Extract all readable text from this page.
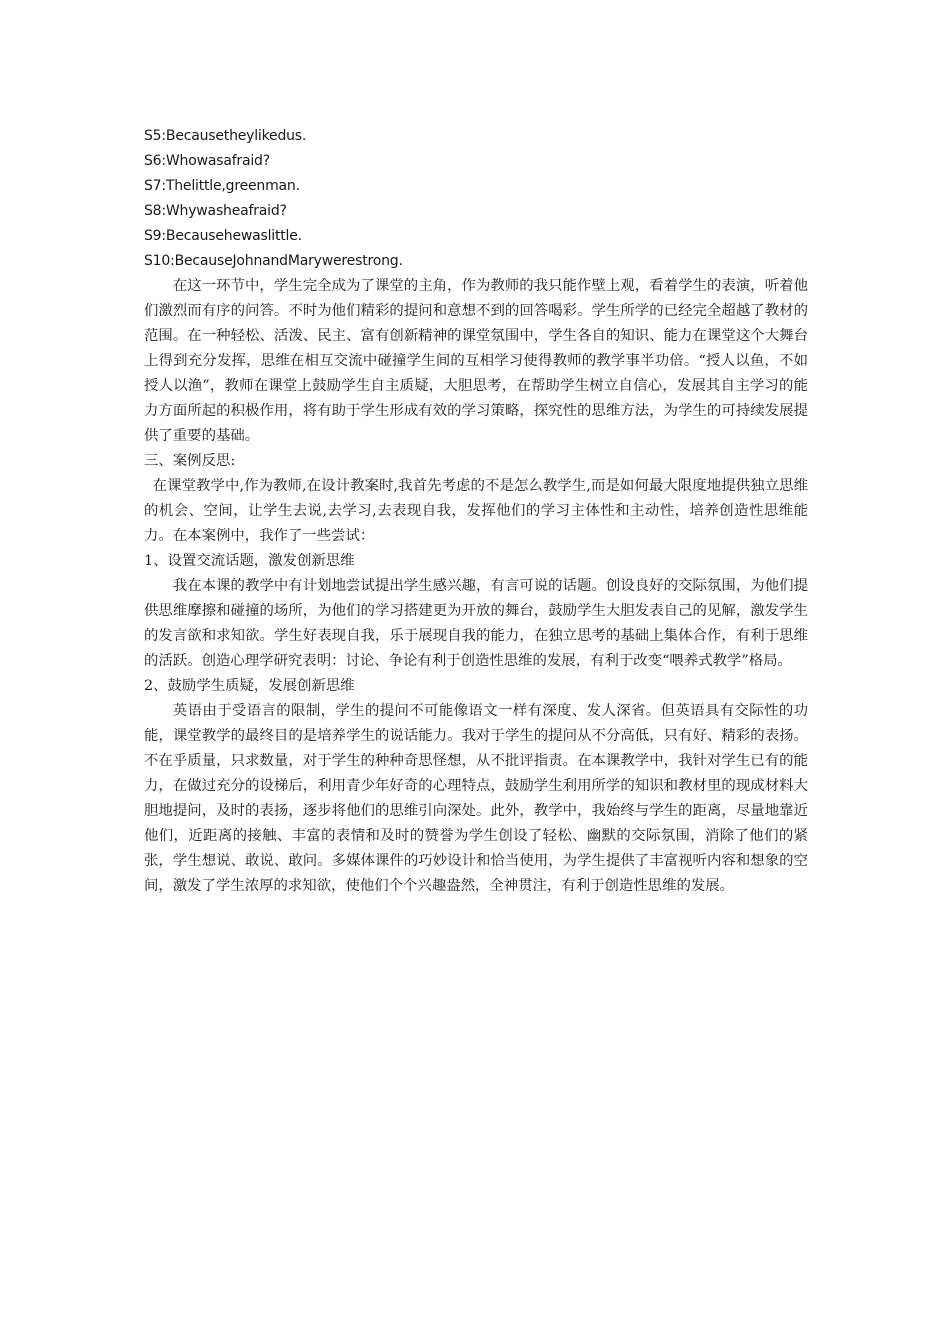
S5:Becausetheylikedus.
S6:Whowasafraid?
S7:Thelittle,greenman.
S8:Whywasheafraid?
S9:Becausehewaslittle.
S10:BecauseJohnandMarywerestrong.

在这一环节中，学生完全成为了课堂的主角，作为教师的我只能作壁上观，看着学生的表演，听着他们激烈而有序的问答。不时为他们精彩的提问和意想不到的回答喝彩。学生所学的已经完全超越了教材的范围。在一种轻松、活泼、民主、富有创新精神的课堂氛围中，学生各自的知识、能力在课堂这个大舞台上得到充分发挥，思维在相互交流中碰撞学生间的互相学习使得教师的教学事半功倍。“授人以鱼，不如授人以渔”，教师在课堂上鼓励学生自主质疑，大胆思考，在帮助学生树立自信心，发展其自主学习的能力方面所起的积极作用，将有助于学生形成有效的学习策略，探究性的思维方法，为学生的可持续发展提供了重要的基础。

三、案例反思:

在课堂教学中,作为教师,在设计教案时,我首先考虑的不是怎么教学生,而是如何最大限度地提供独立思维的机会、空间，让学生去说,去学习,去表现自我，发挥他们的学习主体性和主动性，培养创造性思维能力。在本案例中，我作了一些尝试：

1、设置交流话题，激发创新思维

我在本课的教学中有计划地尝试提出学生感兴趣，有言可说的话题。创设良好的交际氛围，为他们提供思维摩擦和碰撞的场所，为他们的学习搭建更为开放的舞台，鼓励学生大胆发表自己的见解，激发学生的发言欲和求知欲。学生好表现自我，乐于展现自我的能力，在独立思考的基础上集体合作，有利于思维的活跃。创造心理学研究表明：讨论、争论有利于创造性思维的发展，有利于改变“喂养式教学”格局。

2、鼓励学生质疑，发展创新思维

英语由于受语言的限制，学生的提问不可能像语文一样有深度、发人深省。但英语具有交际性的功能，课堂教学的最终目的是培养学生的说话能力。我对于学生的提问从不分高低，只有好、精彩的表扬。不在乎质量，只求数量，对于学生的种种奇思怪想，从不批评指责。在本课教学中，我针对学生已有的能力，在做过充分的设梯后，利用青少年好奇的心理特点，鼓励学生利用所学的知识和教材里的现成材料大胆地提问，及时的表扬，逐步将他们的思维引向深处。此外，教学中，我始终与学生的距离，尽量地靠近他们，近距离的接触、丰富的表情和及时的赞誉为学生创设了轻松、幽默的交际氛围，消除了他们的紧张，学生想说、敢说、敢问。多媒体课件的巧妙设计和恰当使用，为学生提供了丰富视听内容和想象的空间，激发了学生浓厚的求知欲，使他们个个兴趣盎然，全神贯注，有利于创造性思维的发展。
